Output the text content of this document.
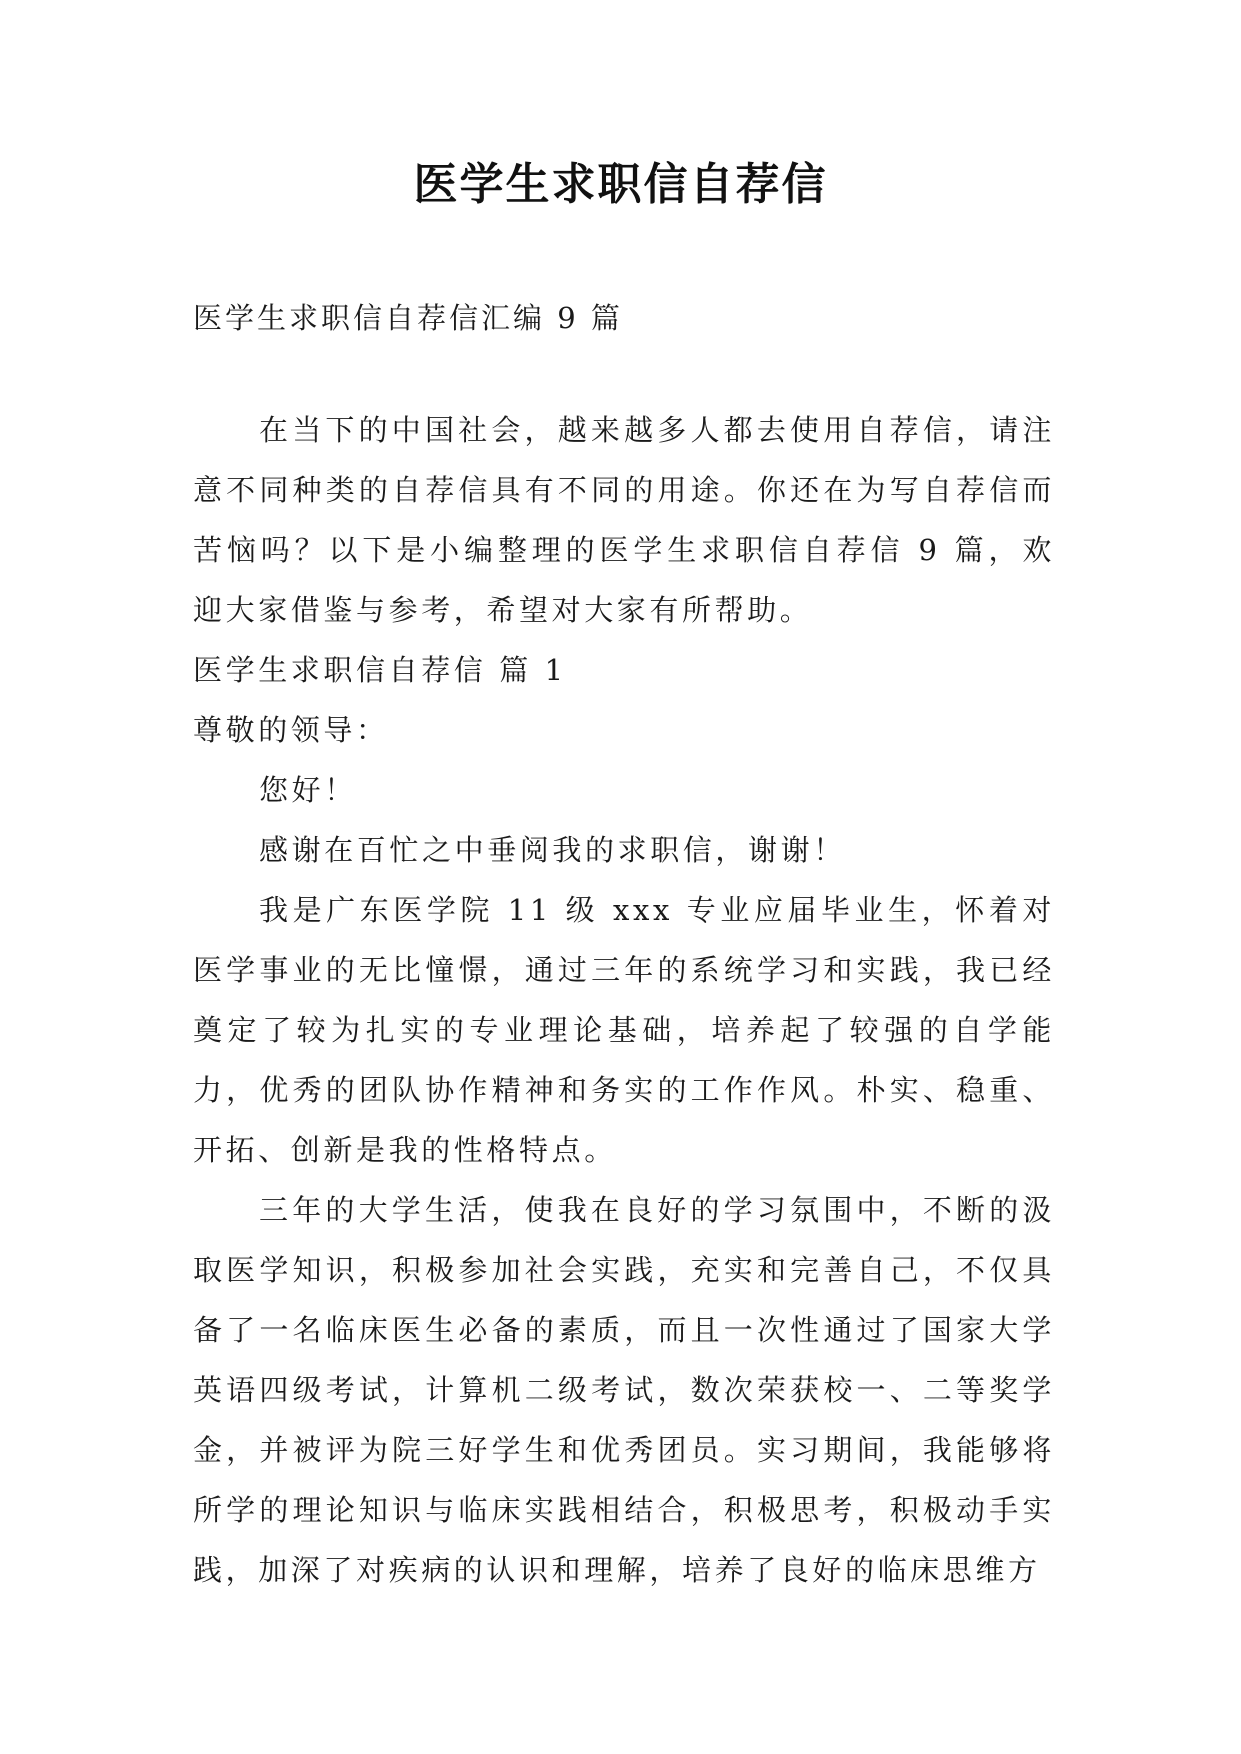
医学生求职信自荐信
医学生求职信自荐信汇编 9 篇

在当下的中国社会，越来越多人都去使用自荐信，请注意不同种类的自荐信具有不同的用途。你还在为写自荐信而苦恼吗？以下是小编整理的医学生求职信自荐信 9 篇，欢迎大家借鉴与参考，希望对大家有所帮助。

医学生求职信自荐信 篇 1

尊敬的领导：

您好！

感谢在百忙之中垂阅我的求职信，谢谢！

我是广东医学院 11 级 xxx 专业应届毕业生，怀着对医学事业的无比憧憬，通过三年的系统学习和实践，我已经奠定了较为扎实的专业理论基础，培养起了较强的自学能力，优秀的团队协作精神和务实的工作作风。朴实、稳重、开拓、创新是我的性格特点。

三年的大学生活，使我在良好的学习氛围中，不断的汲取医学知识，积极参加社会实践，充实和完善自己，不仅具备了一名临床医生必备的素质，而且一次性通过了国家大学英语四级考试，计算机二级考试，数次荣获校一、二等奖学金，并被评为院三好学生和优秀团员。实习期间，我能够将所学的理论知识与临床实践相结合，积极思考，积极动手实践，加深了对疾病的认识和理解，培养了良好的临床思维方
